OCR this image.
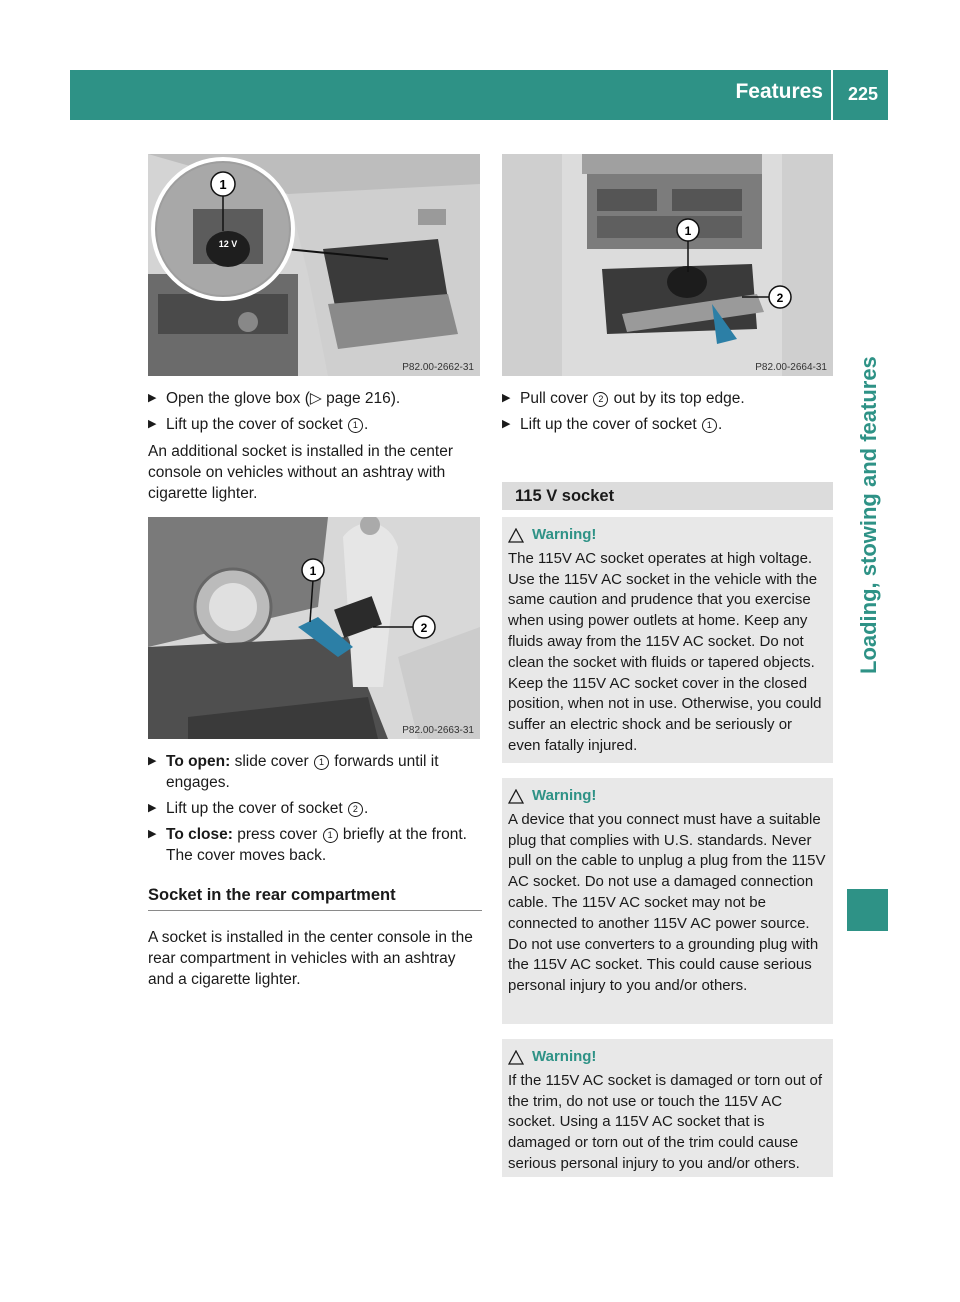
Features	225
Loading, stowing and features
12 V
1
P82.00-2662-31
▶ Open the glove box (▷ page 216).
▶ Lift up the cover of socket 1 .
An additional socket is installed in the center console on vehicles without an ashtray with cigarette lighter.
1
2
P82.00-2663-31
▶ To open: slide cover 1 forwards until it engages.
▶ Lift up the cover of socket 2 .
▶ To close: press cover 1 briefly at the front.
The cover moves back.
Socket in the rear compartment
A socket is installed in the center console in the rear compartment in vehicles with an ashtray and a cigarette lighter.
1
2
P82.00-2664-31
▶ Pull cover 2 out by its top edge.
▶ Lift up the cover of socket 1 .
115 V socket
Warning!
The 115V AC socket operates at high voltage. Use the 115V AC socket in the vehicle with the same caution and prudence that you exercise when using power outlets at home. Keep any fluids away from the 115V AC socket. Do not clean the socket with fluids or tapered objects. Keep the 115V AC socket cover in the closed position, when not in use. Otherwise, you could suffer an electric shock and be seriously or even fatally injured.
Warning!
A device that you connect must have a suitable plug that complies with U.S. standards. Never pull on the cable to unplug a plug from the 115V AC socket. Do not use a damaged connection cable. The 115V AC socket may not be connected to another 115V AC power source. Do not use converters to a grounding plug with the 115V AC socket. This could cause serious personal injury to you and/or others.
Warning!
If the 115V AC socket is damaged or torn out of the trim, do not use or touch the 115V AC socket. Using a 115V AC socket that is damaged or torn out of the trim could cause serious personal injury to you and/or others.
